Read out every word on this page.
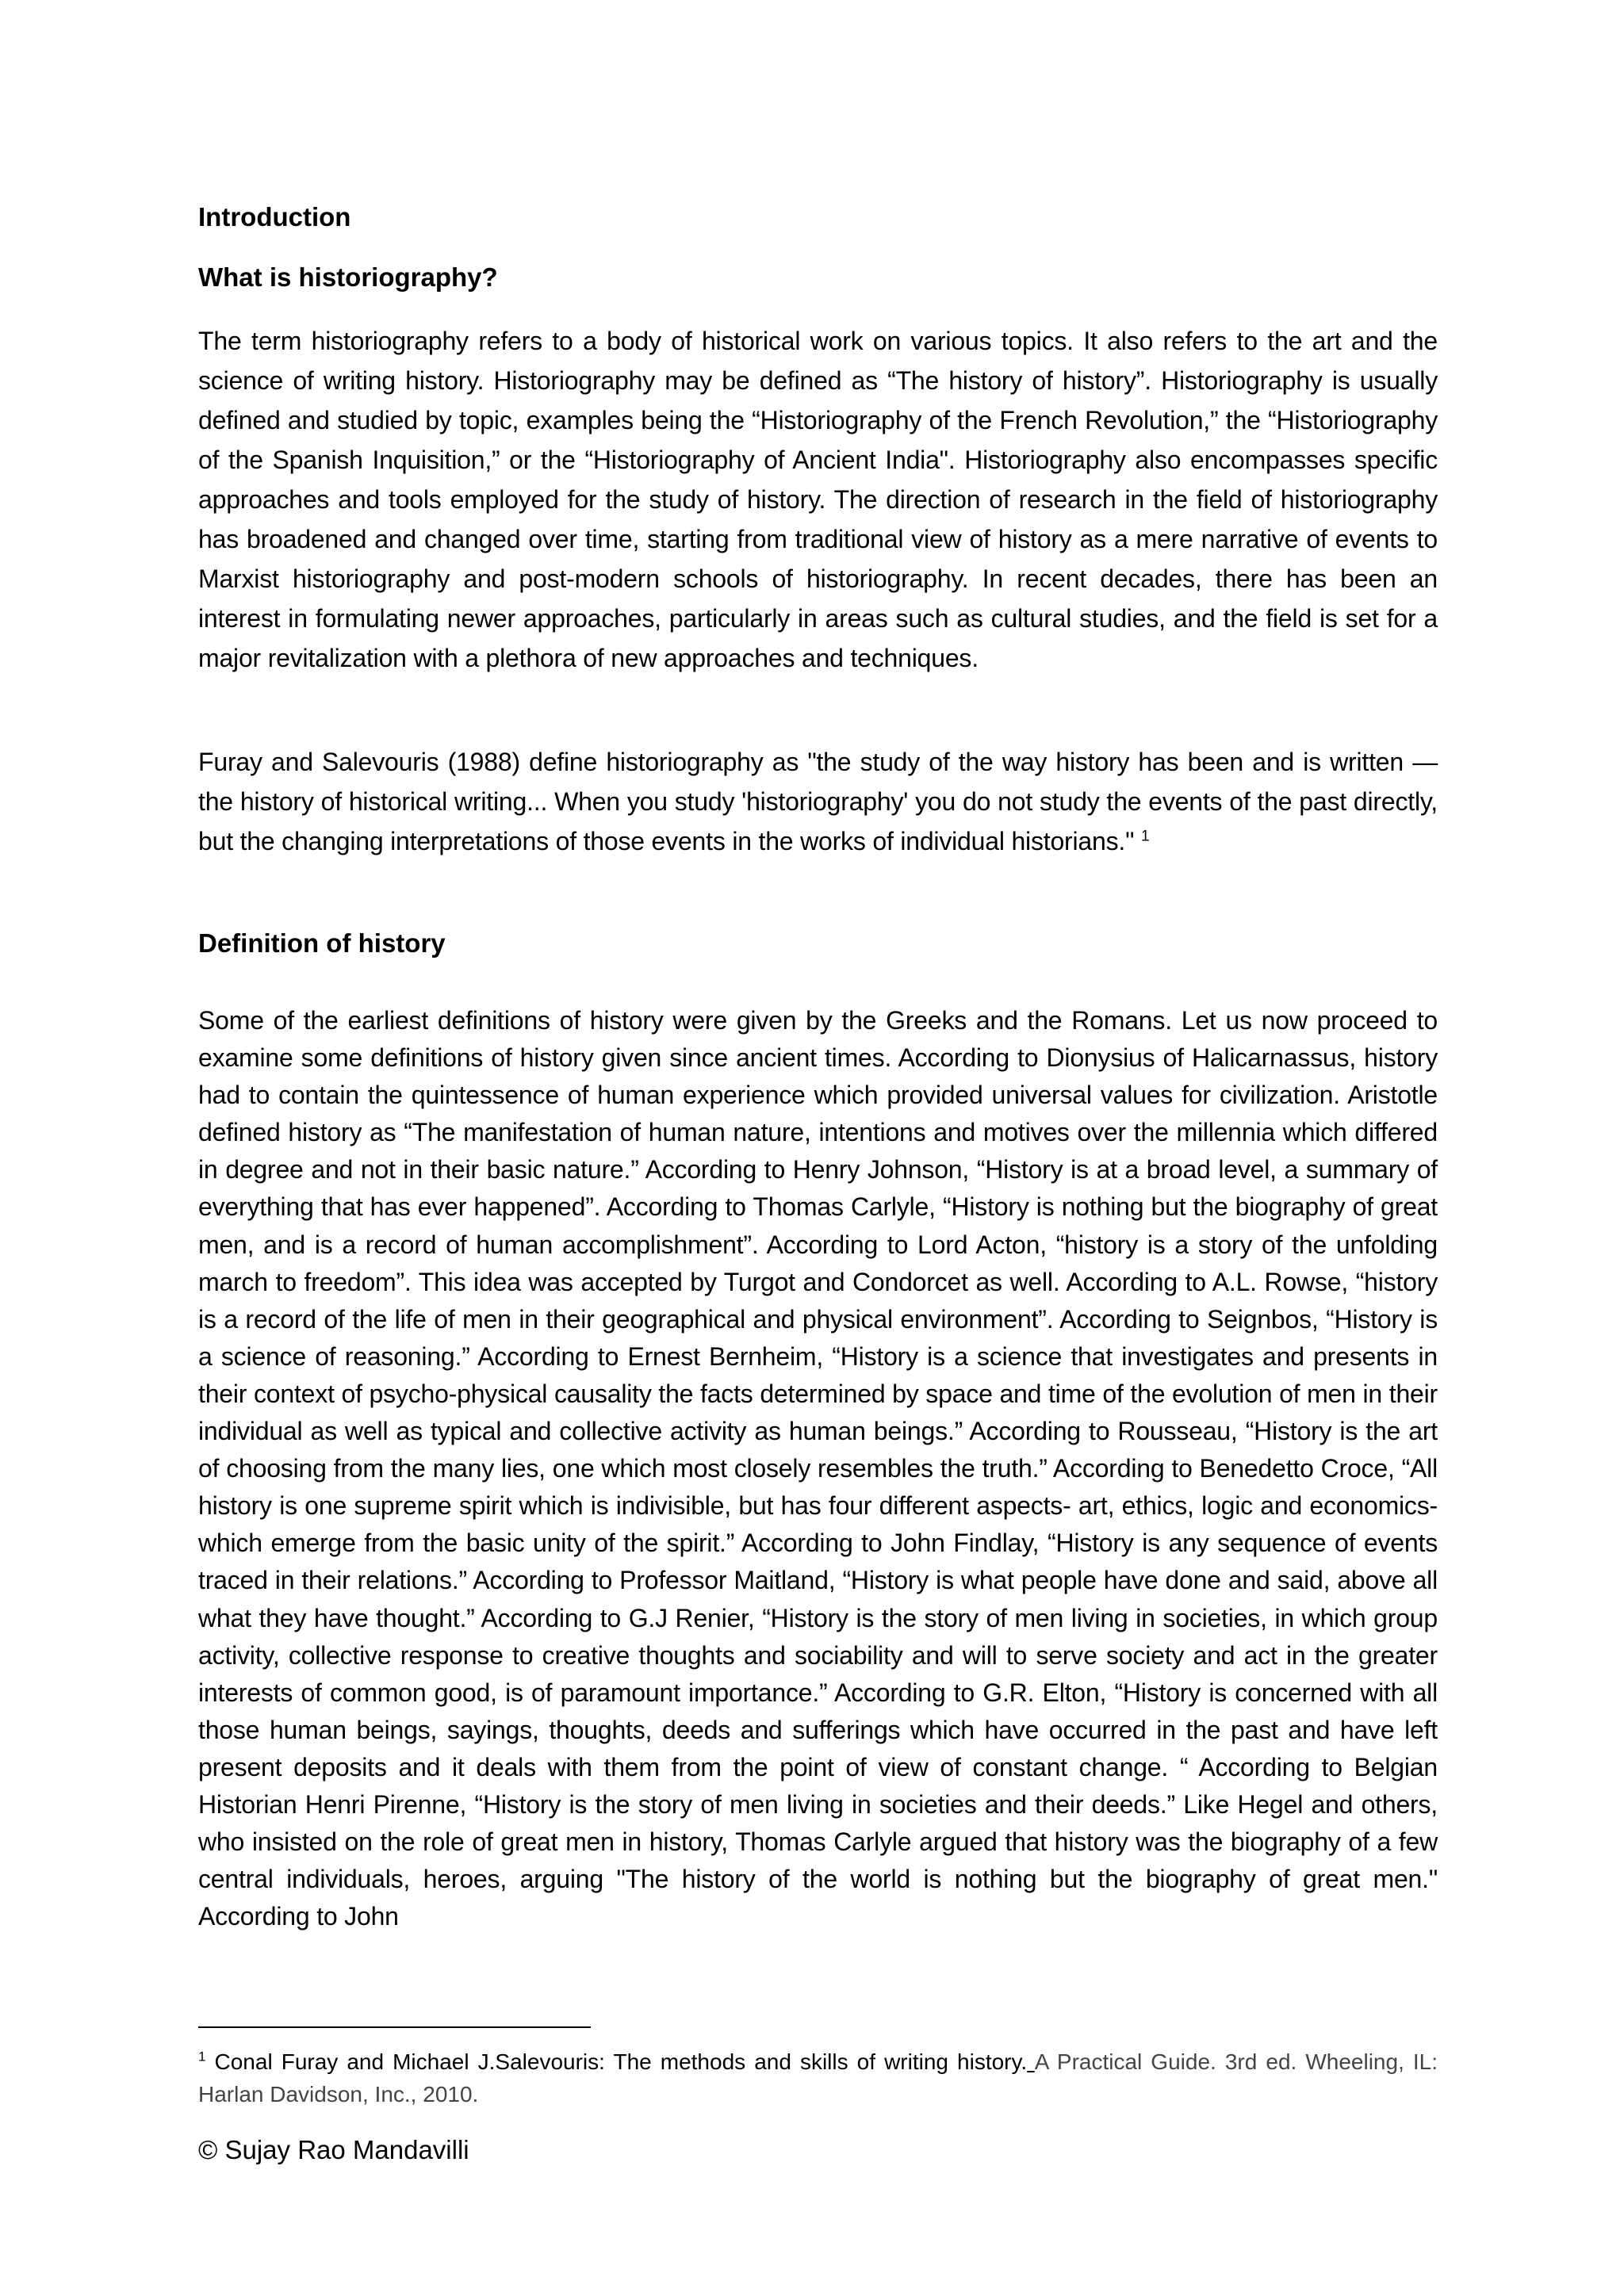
Introduction
What is historiography?

The term historiography refers to a body of historical work on various topics. It also refers to the art and the science of writing history. Historiography may be defined as “The history of history”. Historiography is usually defined and studied by topic, examples being the “Historiography of the French Revolution,” the “Historiography of the Spanish Inquisition,” or the “Historiography of Ancient India". Historiography also encompasses specific approaches and tools employed for the study of history. The direction of research in the field of historiography has broadened and changed over time, starting from traditional view of history as a mere narrative of events to Marxist historiography and post-modern schools of historiography. In recent decades, there has been an interest in formulating newer approaches, particularly in areas such as cultural studies, and the field is set for a major revitalization with a plethora of new approaches and techniques.

Furay and Salevouris (1988) define historiography as "the study of the way history has been and is written — the history of historical writing... When you study 'historiography' you do not study the events of the past directly, but the changing interpretations of those events in the works of individual historians." $^1$

Definition of history

Some of the earliest definitions of history were given by the Greeks and the Romans. Let us now proceed to examine some definitions of history given since ancient times. According to Dionysius of Halicarnassus, history had to contain the quintessence of human experience which provided universal values for civilization. Aristotle defined history as “The manifestation of human nature, intentions and motives over the millennia which differed in degree and not in their basic nature.” According to Henry Johnson, “History is at a broad level, a summary of everything that has ever happened”. According to Thomas Carlyle, “History is nothing but the biography of great men, and is a record of human accomplishment”. According to Lord Acton, “history is a story of the unfolding march to freedom”. This idea was accepted by Turgot and Condorcet as well. According to A.L. Rowse, “history is a record of the life of men in their geographical and physical environment”. According to Seignbos, “History is a science of reasoning.” According to Ernest Bernheim, “History is a science that investigates and presents in their context of psycho-physical causality the facts determined by space and time of the evolution of men in their individual as well as typical and collective activity as human beings.” According to Rousseau, “History is the art of choosing from the many lies, one which most closely resembles the truth.” According to Benedetto Croce, “All history is one supreme spirit which is indivisible, but has four different aspects- art, ethics, logic and economics- which emerge from the basic unity of the spirit.” According to John Findlay, “History is any sequence of events traced in their relations.” According to Professor Maitland, “History is what people have done and said, above all what they have thought.” According to G.J Renier, “History is the story of men living in societies, in which group activity, collective response to creative thoughts and sociability and will to serve society and act in the greater interests of common good, is of paramount importance.” According to G.R. Elton, “History is concerned with all those human beings, sayings, thoughts, deeds and sufferings which have occurred in the past and have left present deposits and it deals with them from the point of view of constant change. “ According to Belgian Historian Henri Pirenne, “History is the story of men living in societies and their deeds.” Like Hegel and others, who insisted on the role of great men in history, Thomas Carlyle argued that history was the biography of a few central individuals, heroes, arguing "The history of the world is nothing but the biography of great men." According to John

$^1$ Conal Furay and Michael J.Salevouris: The methods and skills of writing history. A Practical Guide. 3rd ed. Wheeling, IL: Harlan Davidson, Inc., 2010.

© Sujay Rao Mandavilli
